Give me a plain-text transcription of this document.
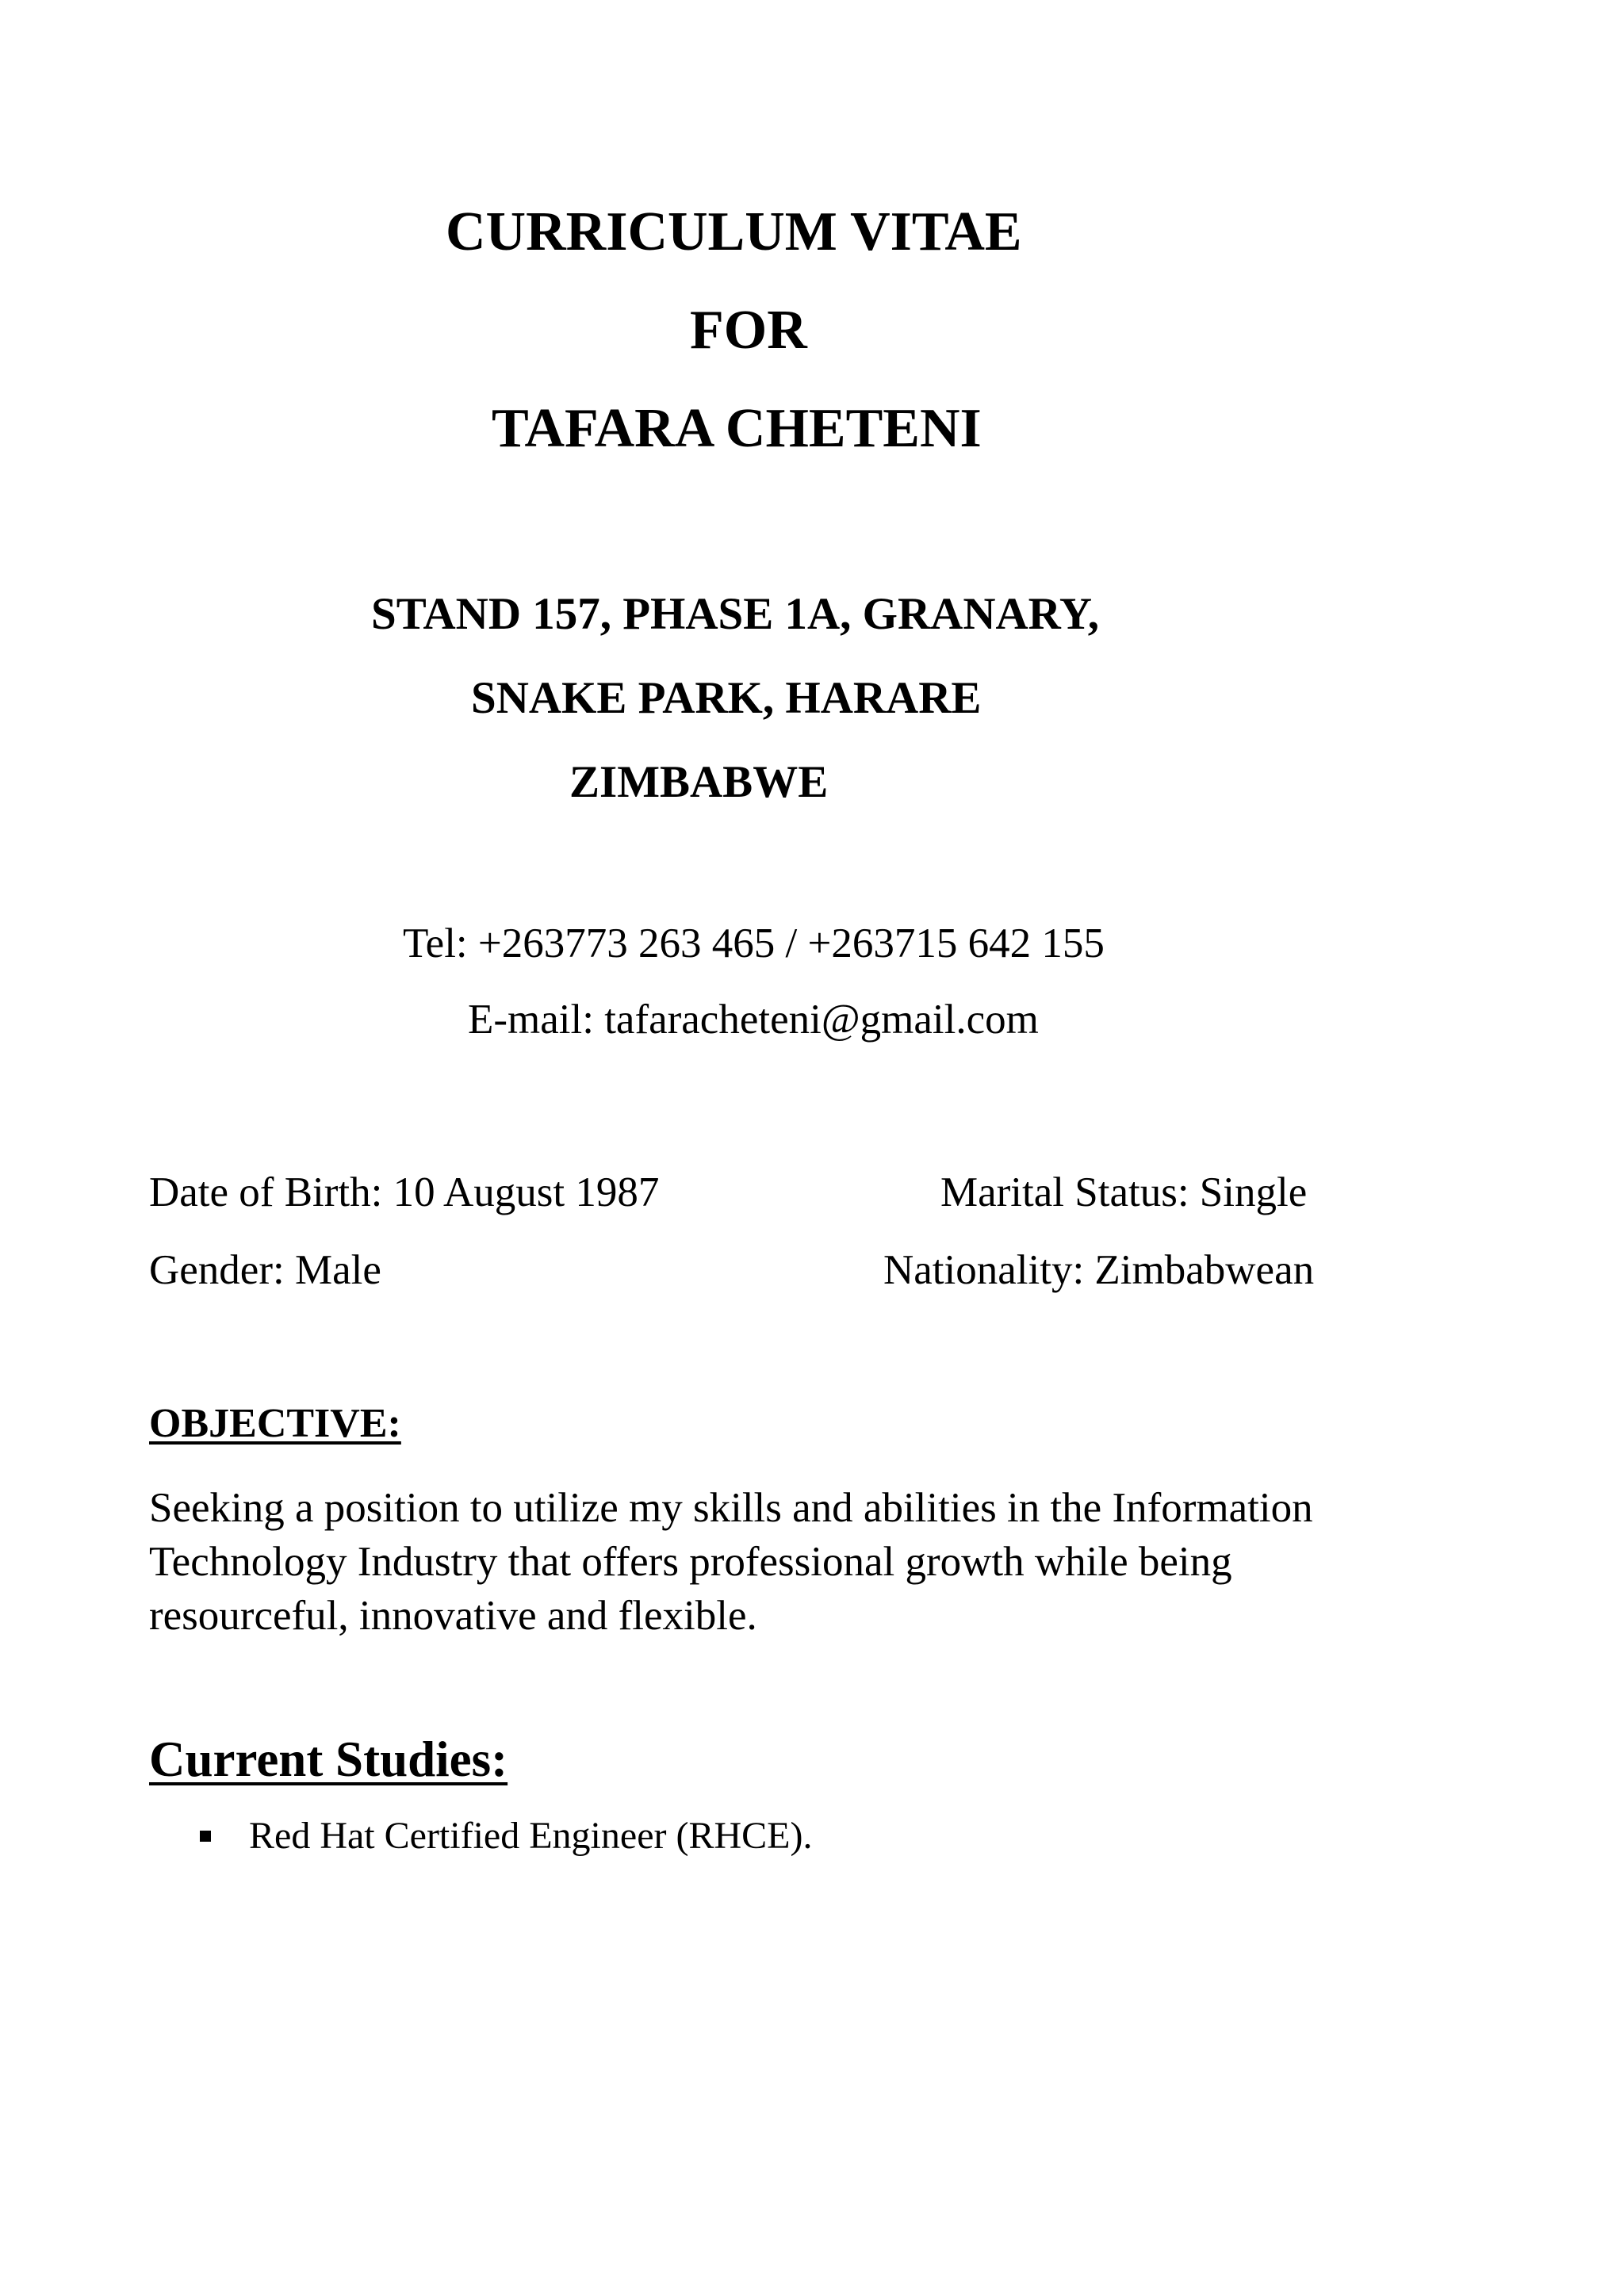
CURRICULUM VITAE
FOR
TAFARA CHETENI
STAND 157, PHASE 1A, GRANARY,
SNAKE PARK, HARARE
ZIMBABWE
Tel: +263773 263 465 / +263715 642 155
E-mail: tafaracheteni@gmail.com
Date of Birth: 10 August 1987	Marital Status: Single
Gender: Male	Nationality: Zimbabwean
OBJECTIVE:
Seeking a position to utilize my skills and abilities in the Information
Technology Industry that offers professional growth while being
resourceful, innovative and flexible.
Current Studies:
Red Hat Certified Engineer (RHCE).
